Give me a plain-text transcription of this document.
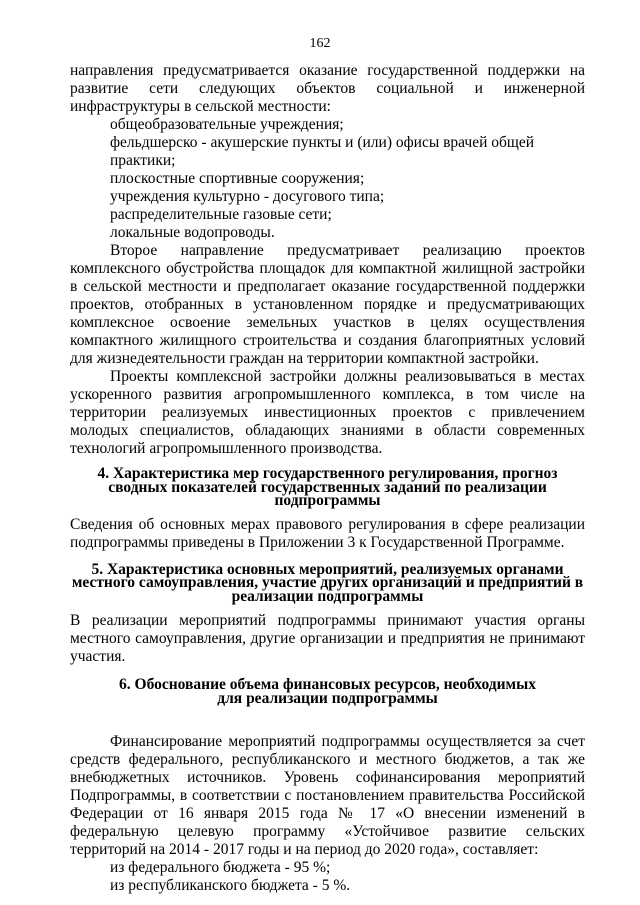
162

направления предусматривается оказание государственной поддержки на развитие сети следующих объектов социальной и инженерной инфраструктуры в сельской местности:

общеобразовательные учреждения;
фельдшерско - акушерские пункты и (или) офисы врачей общей практики;
плоскостные спортивные сооружения;
учреждения культурно - досугового типа;
распределительные газовые сети;
локальные водопроводы.

Второе направление предусматривает реализацию проектов комплексного обустройства площадок для компактной жилищной застройки в сельской местности и предполагает оказание государственной поддержки проектов, отобранных в установленном порядке и предусматривающих комплексное освоение земельных участков в целях осуществления компактного жилищного строительства и создания благоприятных условий для жизнедеятельности граждан на территории компактной застройки.

Проекты комплексной застройки должны реализовываться в местах ускоренного развития агропромышленного комплекса, в том числе на территории реализуемых инвестиционных проектов с привлечением молодых специалистов, обладающих знаниями в области современных технологий агропромышленного производства.

4. Характеристика мер государственного регулирования, прогноз
сводных показателей государственных заданий по реализации
подпрограммы

Сведения об основных мерах правового регулирования в сфере реализации подпрограммы приведены в Приложении 3 к Государственной Программе.

5. Характеристика основных мероприятий, реализуемых органами
местного самоуправления, участие других организаций и предприятий в
реализации подпрограммы

В реализации мероприятий подпрограммы принимают участия органы местного самоуправления, другие организации и предприятия не принимают участия.

6. Обоснование объема финансовых ресурсов, необходимых
для реализации подпрограммы

Финансирование мероприятий подпрограммы осуществляется за счет средств федерального, республиканского и местного бюджетов, а так же внебюджетных источников. Уровень софинансирования мероприятий Подпрограммы, в соответствии с постановлением правительства Российской Федерации от 16 января 2015 года № 17 «О внесении изменений в федеральную целевую программу «Устойчивое развитие сельских территорий на 2014 - 2017 годы и на период до 2020 года», составляет:

из федерального бюджета - 95 %;

из республиканского бюджета - 5 %.
